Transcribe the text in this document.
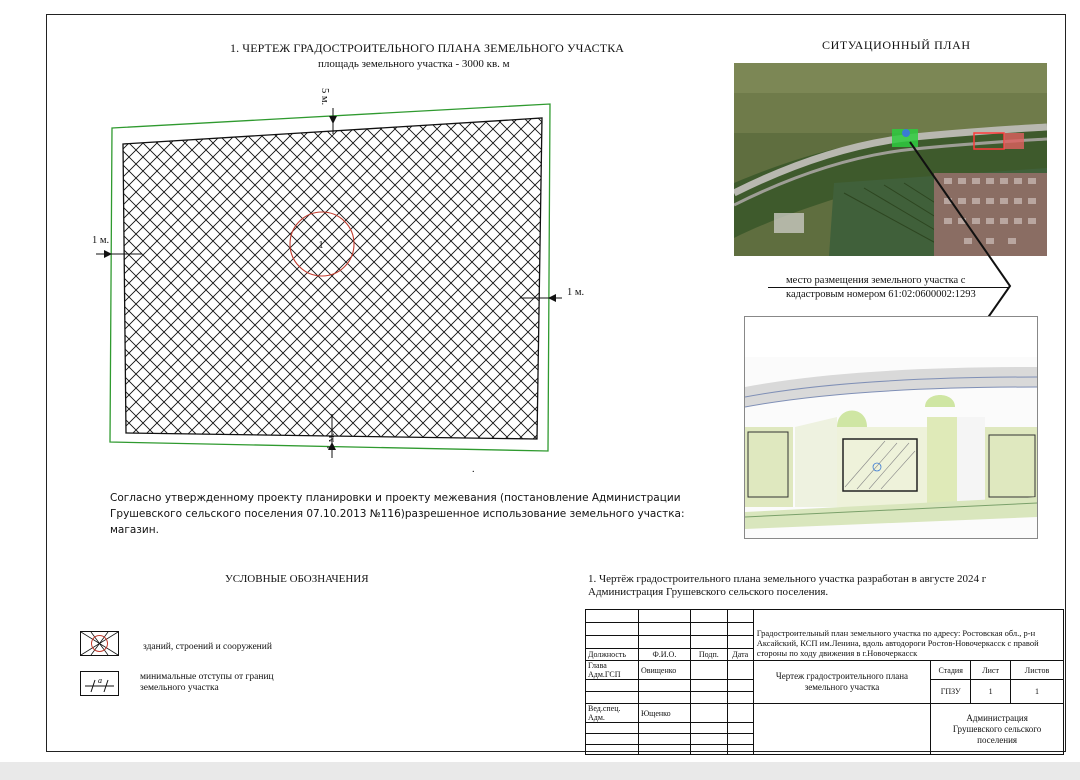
1. ЧЕРТЕЖ ГРАДОСТРОИТЕЛЬНОГО ПЛАНА ЗЕМЕЛЬНОГО УЧАСТКА
площадь земельного участка - 3000 кв. м
СИТУАЦИОННЫЙ ПЛАН
1
.
5 м.
1 м.
1 м.
1 м.
место размещения земельного участка с
кадастровым номером 61:02:0600002:1293
Согласно утвержденному проекту планировки и проекту межевания (постановление Администрации Грушевского сельского поселения 07.10.2013 №116)разрешенное использование земельного участка: магазин.
УСЛОВНЫЕ ОБОЗНАЧЕНИЯ
зданий, строений и сооружений
a	минимальные отступы от границ
земельного участка
1. Чертёж градостроительного плана земельного участка разработан в августе 2024 г Администрация Грушевского сельского поселения.
				Градостроительный план земельного участка по адресу: Ростовская обл., р-н Аксайский, КСП им.Ленина, вдоль автодороги Ростов-Новочеркасск с правой стороны по ходу движения в г.Новочеркасск			

Должность	Ф.И.О.	Подп.	Дата				
Глава Адм.ГСП	Овищенко			Чертеж градостроительного плана земельного участка	Стадия	Лист	Листов
					ГПЗУ	1	1

Вед.спец. Адм.	Ющенко				Администрация Грушевского сельского поселения		
